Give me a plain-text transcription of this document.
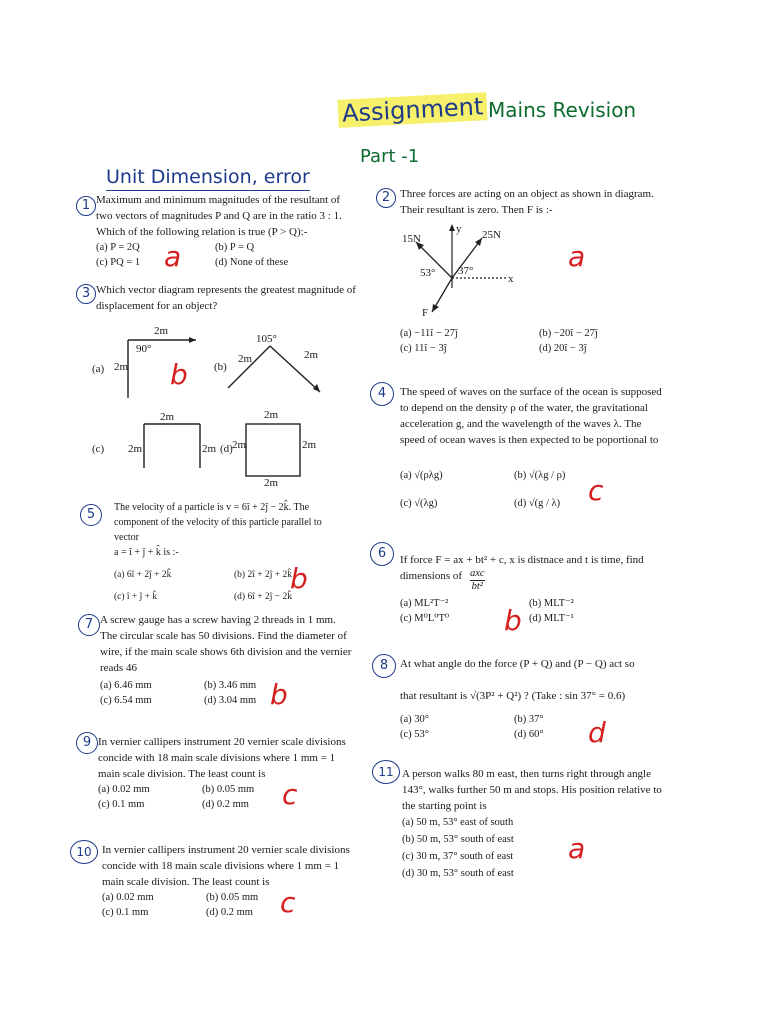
Assignment Mains Revision
Part -1
Unit Dimension, error
1 Maximum and minimum magnitudes of the resultant of two vectors of magnitudes P and Q are in the ratio 3 : 1. Which of the following relation is true (P > Q):-
(a) P = 2Q	(b) P = Q
(c) PQ = 1	(d) None of these
a
3 Which vector diagram represents the greatest magnitude of displacement for an object?
(a) 2m
2m
90°
(b)
2m	2m
105°
(c)
2m
2m	2m (d)
2m
2m	2m
2m
b
5	The velocity of a particle is v = 6î + 2ĵ − 2k̂. The component of the velocity of this particle parallel to vector
a = î + ĵ + k̂ is :-
(a) 6î + 2ĵ + 2k̂	(b) 2î + 2ĵ + 2k̂
(c) î + ĵ + k̂	(d) 6î + 2ĵ − 2k̂
b
7 A screw gauge has a screw having 2 threads in 1 mm. The circular scale has 50 divisions. Find the diameter of wire, if the main scale shows 6th division and the vernier reads 46
(a) 6.46 mm	(b) 3.46 mm
(c) 6.54 mm	(d) 3.04 mm b
9 In vernier callipers instrument 20 vernier scale divisions concide with 18 main scale divisions where 1 mm = 1 main scale division. The least count is
(a) 0.02 mm	(b) 0.05 mm
(c) 0.1 mm	(d) 0.2 mm	c
10 In vernier callipers instrument 20 vernier scale divisions concide with 18 main scale divisions where 1 mm = 1 main scale division. The least count is
(a) 0.02 mm	(b) 0.05 mm
(c) 0.1 mm	(d) 0.2 mm c
2 Three forces are acting on an object as shown in diagram. Their resultant is zero. Then F is :-
15N	25N
53° 37°
x
y
F
(a) −11î − 27ĵ	(b) −20î − 27ĵ
(c) 11î − 3ĵ	(d) 20î − 3ĵ
a
4	The speed of waves on the surface of the ocean is supposed to depend on the density ρ of the water, the gravitational acceleration g, and the wavelength of the waves λ. The speed of ocean waves is then expected to be poportional to
(a) √(ρλg)	(b) √(λg / ρ)
(c) √(λg)	(d) √(g / λ) c
6	If force F = ax + bt² + c, x is distnace and t is time, find dimensions of axc
bt²
(a) ML²T⁻²	(b) MLT⁻²
(c) M⁰L⁰T⁰	(d) MLT⁻¹
b
8	At what angle do the force (P + Q) and (P − Q) act so
that resultant is √(3P² + Q²) ? (Take : sin 37° = 0.6)
(a) 30°	(b) 37°
(c) 53°	(d) 60°	d
11 A person walks 80 m east, then turns right through angle 143°, walks further 50 m and stops. His position relative to the starting point is
(a) 50 m, 53° east of south
(b) 50 m, 53° south of east
(c) 30 m, 37° south of east
(d) 30 m, 53° south of east
a
